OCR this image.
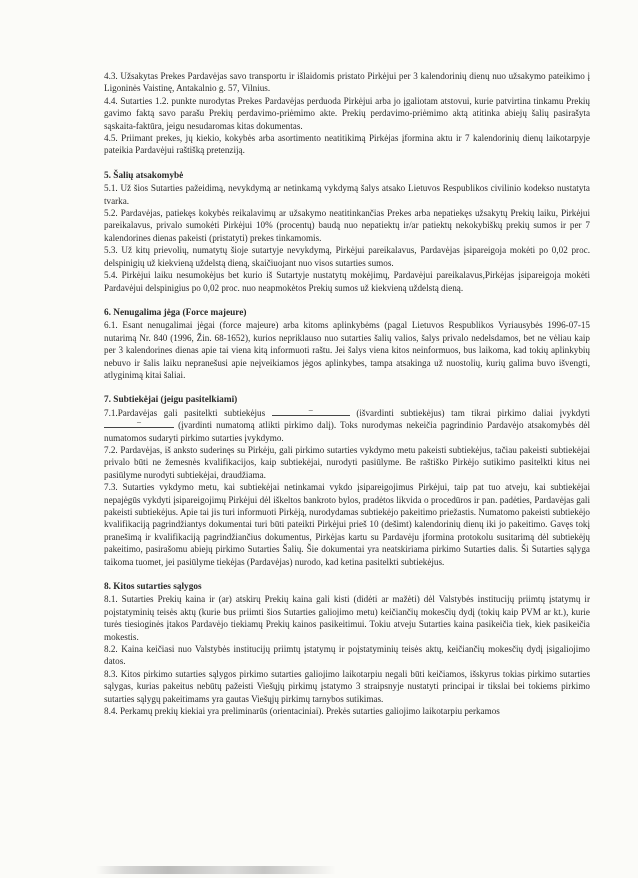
4.3. Užsakytas Prekes Pardavėjas savo transportu ir išlaidomis pristato Pirkėjui per 3 kalendorinių dienų nuo užsakymo pateikimo į Ligoninės Vaistinę, Antakalnio g. 57, Vilnius.

4.4. Sutarties 1.2. punkte nurodytas Prekes Pardavėjas perduoda Pirkėjui arba jo įgaliotam atstovui, kurie patvirtina tinkamu Prekių gavimo faktą savo parašu Prekių perdavimo-priėmimo akte. Prekių perdavimo-priėmimo aktą atitinka abiejų šalių pasirašyta sąskaita-faktūra, jeigu nesudaromas kitas dokumentas.

4.5. Priimant prekes, jų kiekio, kokybės arba asortimento neatitikimą Pirkėjas įformina aktu ir 7 kalendorinių dienų laikotarpyje pateikia Pardavėjui raštišką pretenziją.

5. Šalių atsakomybė

5.1. Už šios Sutarties pažeidimą, nevykdymą ar netinkamą vykdymą šalys atsako Lietuvos Respublikos civilinio kodekso nustatyta tvarka.

5.2. Pardavėjas, patiekęs kokybės reikalavimų ar užsakymo neatitinkančias Prekes arba nepatiekęs užsakytų Prekių laiku, Pirkėjui pareikalavus, privalo sumokėti Pirkėjui 10% (procentų) baudą nuo nepatiektų ir/ar patiektų nekokybiškų prekių sumos ir per 7 kalendorines dienas pakeisti (pristatyti) prekes tinkamomis.

5.3. Už kitų prievolių, numatytų šioje sutartyje nevykdymą, Pirkėjui pareikalavus, Pardavėjas įsipareigoja mokėti po 0,02 proc. delspinigių už kiekvieną uždelstą dieną, skaičiuojant nuo visos sutarties sumos.

5.4. Pirkėjui laiku nesumokėjus bet kurio iš Sutartyje nustatytų mokėjimų, Pardavėjui pareikalavus,Pirkėjas įsipareigoja mokėti Pardavėjui delspinigius po 0,02 proc. nuo neapmokėtos Prekių sumos už kiekvieną uždelstą dieną.

6. Nenugalima jėga (Force majeure)

6.1. Esant nenugalimai jėgai (force majeure) arba kitoms aplinkybėms (pagal Lietuvos Respublikos Vyriausybės 1996-07-15 nutarimą Nr. 840 (1996, Žin. 68-1652), kurios nepriklauso nuo sutarties šalių valios, šalys privalo nedelsdamos, bet ne vėliau kaip per 3 kalendorines dienas apie tai viena kitą informuoti raštu. Jei šalys viena kitos neinformuos, bus laikoma, kad tokių aplinkybių nebuvo ir šalis laiku nepranešusi apie neįveikiamos jėgos aplinkybes, tampa atsakinga už nuostolių, kurių galima buvo išvengti, atlyginimą kitai šaliai.

7. Subtiekėjai (jeigu pasitelkiami)

7.1.Pardavėjas gali pasitelkti subtiekėjus	–	(išvardinti subtiekėjus) tam tikrai pirkimo daliai įvykdyti
–	(įvardinti numatomą atlikti pirkimo dalį). Toks nurodymas nekeičia pagrindinio Pardavėjo atsakomybės dėl numatomos sudaryti pirkimo sutarties įvykdymo.

7.2. Pardavėjas, iš anksto suderinęs su Pirkėju, gali pirkimo sutarties vykdymo metu pakeisti subtiekėjus, tačiau pakeisti subtiekėjai privalo būti ne žemesnės kvalifikacijos, kaip subtiekėjai, nurodyti pasiūlyme. Be raštiško Pirkėjo sutikimo pasitelkti kitus nei pasiūlyme nurodyti subtiekėjai, draudžiama.

7.3. Sutarties vykdymo metu, kai subtiekėjai netinkamai vykdo įsipareigojimus Pirkėjui, taip pat tuo atveju, kai subtiekėjai nepajėgūs vykdyti įsipareigojimų Pirkėjui dėl iškeltos bankroto bylos, pradėtos likvida o procedūros ir pan. padėties, Pardavėjas gali pakeisti subtiekėjus. Apie tai jis turi informuoti Pirkėją, nurodydamas subtiekėjo pakeitimo priežastis. Numatomo pakeisti subtiekėjo kvalifikaciją pagrindžiantys dokumentai turi būti pateikti Pirkėjui prieš 10 (dešimt) kalendorinių dienų iki jo pakeitimo. Gavęs tokį pranešimą ir kvalifikaciją pagrindžiančius dokumentus, Pirkėjas kartu su Pardavėju įformina protokolu susitarimą dėl subtiekėjų pakeitimo, pasirašomu abiejų pirkimo Sutarties Šalių. Šie dokumentai yra neatskiriama pirkimo Sutarties dalis. Ši Sutarties sąlyga taikoma tuomet, jei pasiūlyme tiekėjas (Pardavėjas) nurodo, kad ketina pasitelkti subtiekėjus.

8. Kitos sutarties sąlygos

8.1. Sutarties Prekių kaina ir (ar) atskirų Prekių kaina gali kisti (didėti ar mažėti) dėl Valstybės institucijų priimtų įstatymų ir poįstatyminių teisės aktų (kurie bus priimti šios Sutarties galiojimo metu) keičiančių mokesčių dydį (tokių kaip PVM ar kt.), kurie turės tiesioginės įtakos Pardavėjo tiekiamų Prekių kainos pasikeitimui. Tokiu atveju Sutarties kaina pasikeičia tiek, kiek pasikeičia mokestis.

8.2. Kaina keičiasi nuo Valstybės institucijų priimtų įstatymų ir poįstatyminių teisės aktų, keičiančių mokesčių dydį įsigaliojimo datos.

8.3. Kitos pirkimo sutarties sąlygos pirkimo sutarties galiojimo laikotarpiu negali būti keičiamos, išskyrus tokias pirkimo sutarties sąlygas, kurias pakeitus nebūtų pažeisti Viešųjų pirkimų įstatymo 3 straipsnyje nustatyti principai ir tikslai bei tokiems pirkimo sutarties sąlygų pakeitimams yra gautas Viešųjų pirkimų tarnybos sutikimas.

8.4. Perkamų prekių kiekiai yra preliminarūs (orientaciniai). Prekės sutarties galiojimo laikotarpiu perkamos
